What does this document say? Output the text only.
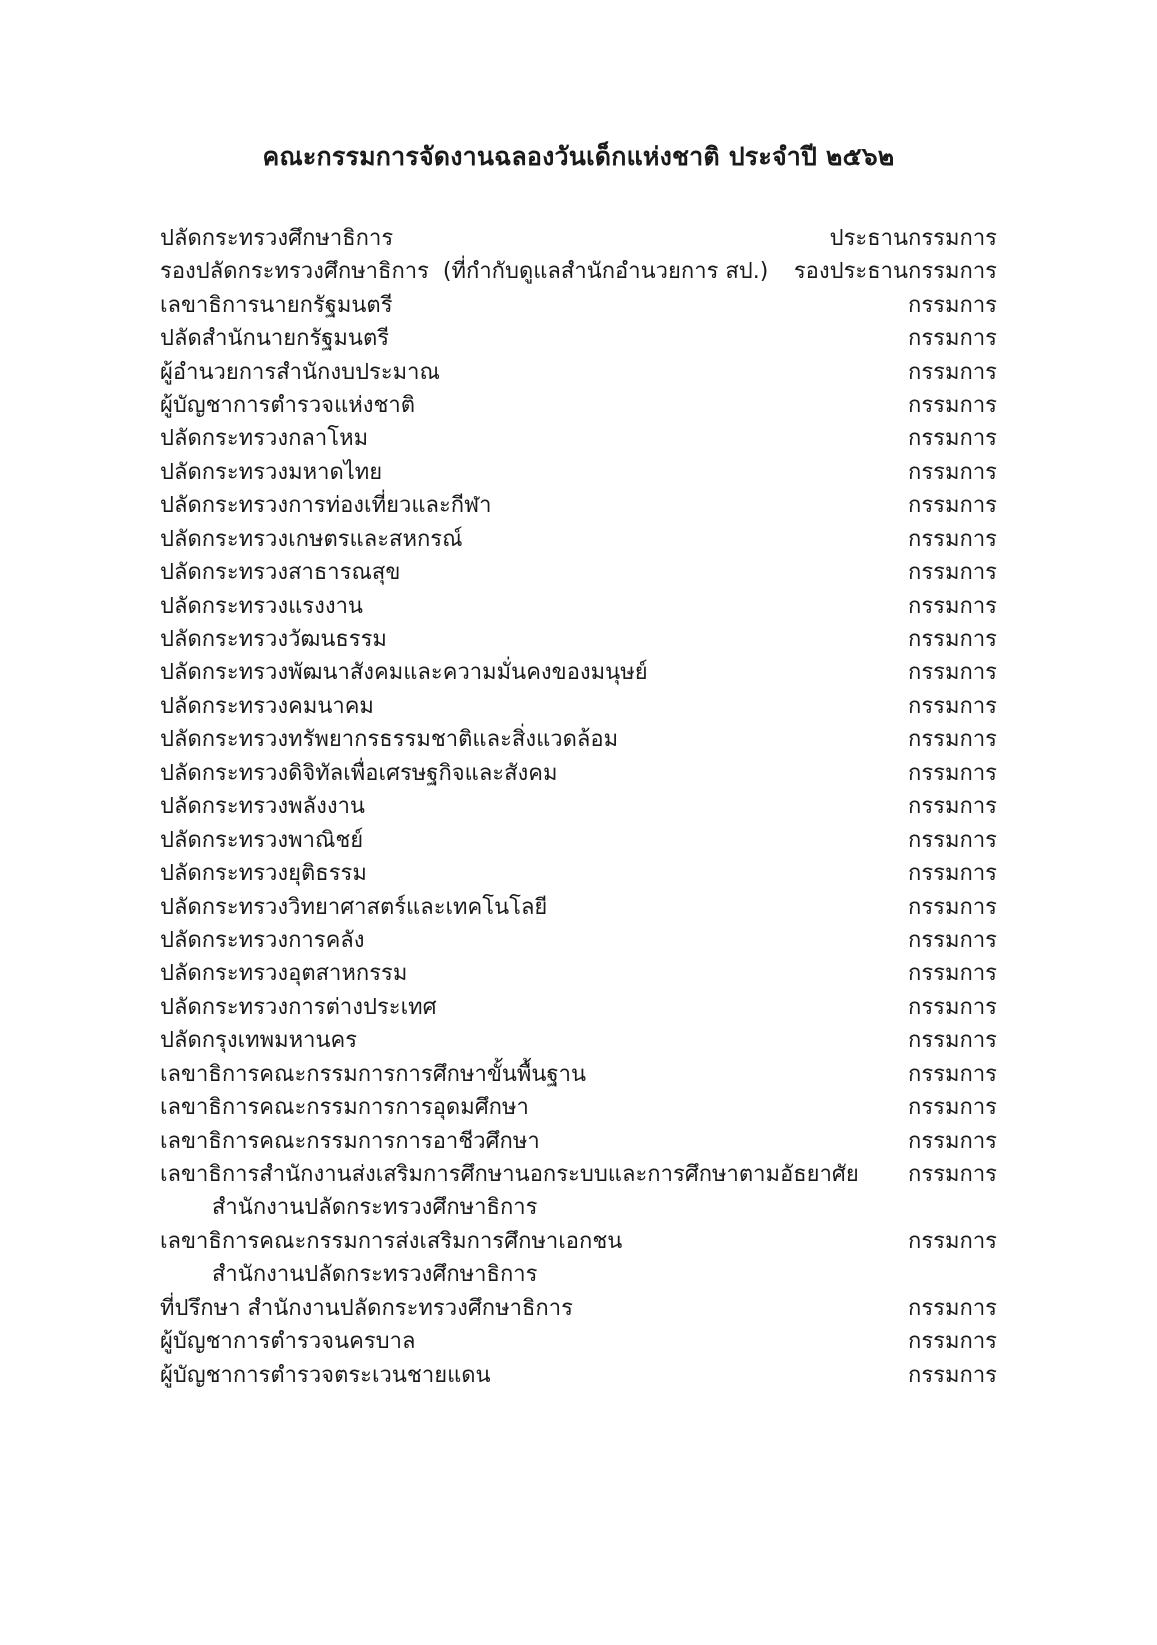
คณะกรรมการจัดงานฉลองวันเด็กแห่งชาติ ประจำปี ๒๕๖๒
ปลัดกระทรวงศึกษาธิการ	ประธานกรรมการ
รองปลัดกระทรวงศึกษาธิการ  (ที่กำกับดูแลสำนักอำนวยการ สป.) รองประธานกรรมการ
เลขาธิการนายกรัฐมนตรี	กรรมการ
ปลัดสำนักนายกรัฐมนตรี	กรรมการ
ผู้อำนวยการสำนักงบประมาณ	กรรมการ
ผู้บัญชาการตำรวจแห่งชาติ	กรรมการ
ปลัดกระทรวงกลาโหม	กรรมการ
ปลัดกระทรวงมหาดไทย	กรรมการ
ปลัดกระทรวงการท่องเที่ยวและกีฬา	กรรมการ
ปลัดกระทรวงเกษตรและสหกรณ์	กรรมการ
ปลัดกระทรวงสาธารณสุข	กรรมการ
ปลัดกระทรวงแรงงาน	กรรมการ
ปลัดกระทรวงวัฒนธรรม	กรรมการ
ปลัดกระทรวงพัฒนาสังคมและความมั่นคงของมนุษย์	กรรมการ
ปลัดกระทรวงคมนาคม	กรรมการ
ปลัดกระทรวงทรัพยากรธรรมชาติและสิ่งแวดล้อม	กรรมการ
ปลัดกระทรวงดิจิทัลเพื่อเศรษฐกิจและสังคม	กรรมการ
ปลัดกระทรวงพลังงาน	กรรมการ
ปลัดกระทรวงพาณิชย์	กรรมการ
ปลัดกระทรวงยุติธรรม	กรรมการ
ปลัดกระทรวงวิทยาศาสตร์และเทคโนโลยี	กรรมการ
ปลัดกระทรวงการคลัง	กรรมการ
ปลัดกระทรวงอุตสาหกรรม	กรรมการ
ปลัดกระทรวงการต่างประเทศ	กรรมการ
ปลัดกรุงเทพมหานคร	กรรมการ
เลขาธิการคณะกรรมการการศึกษาขั้นพื้นฐาน	กรรมการ
เลขาธิการคณะกรรมการการอุดมศึกษา	กรรมการ
เลขาธิการคณะกรรมการการอาชีวศึกษา	กรรมการ
เลขาธิการสำนักงานส่งเสริมการศึกษานอกระบบและการศึกษาตามอัธยาศัย	กรรมการ
สำนักงานปลัดกระทรวงศึกษาธิการ
เลขาธิการคณะกรรมการส่งเสริมการศึกษาเอกชน	กรรมการ
สำนักงานปลัดกระทรวงศึกษาธิการ
ที่ปรึกษา สำนักงานปลัดกระทรวงศึกษาธิการ	กรรมการ
ผู้บัญชาการตำรวจนครบาล	กรรมการ
ผู้บัญชาการตำรวจตระเวนชายแดน	กรรมการ
